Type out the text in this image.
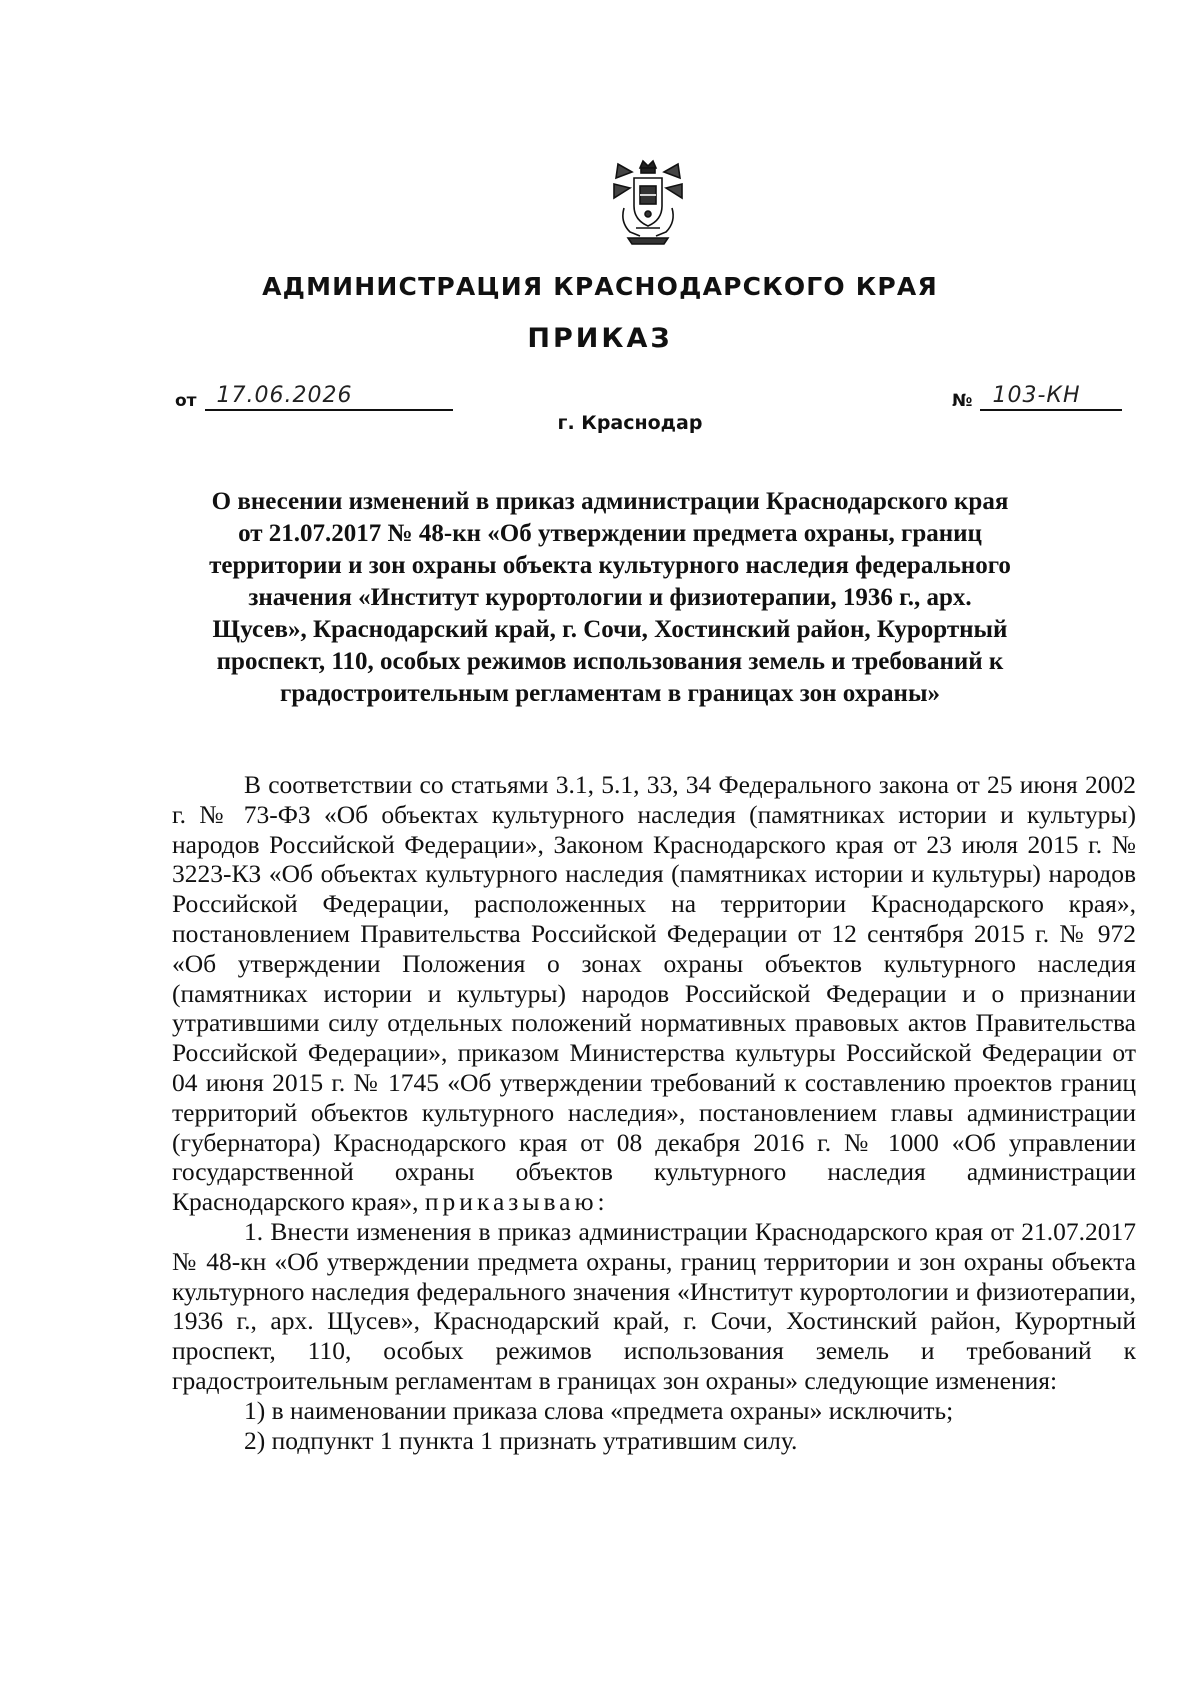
АДМИНИСТРАЦИЯ КРАСНОДАРСКОГО КРАЯ
ПРИКАЗ
от 17.06.2026	№ 103-КН
г. Краснодар
О внесении изменений в приказ администрации Краснодарского края от 21.07.2017 № 48-кн «Об утверждении предмета охраны, границ территории и зон охраны объекта культурного наследия федерального значения «Институт курортологии и физиотерапии, 1936 г., арх. Щусев», Краснодарский край, г. Сочи, Хостинский район, Курортный проспект, 110, особых режимов использования земель и требований к градостроительным регламентам в границах зон охраны»

В соответствии со статьями 3.1, 5.1, 33, 34 Федерального закона от 25 июня 2002 г. № 73-ФЗ «Об объектах культурного наследия (памятниках истории и культуры) народов Российской Федерации», Законом Краснодарского края от 23 июля 2015 г. № 3223-КЗ «Об объектах культурного наследия (памятниках истории и культуры) народов Российской Федерации, расположенных на территории Краснодарского края», постановлением Правительства Российской Федерации от 12 сентября 2015 г. № 972 «Об утверждении Положения о зонах охраны объектов культурного наследия (памятниках истории и культуры) народов Российской Федерации и о признании утратившими силу отдельных положений нормативных правовых актов Правительства Российской Федерации», приказом Министерства культуры Российской Федерации от 04 июня 2015 г. № 1745 «Об утверждении требований к составлению проектов границ территорий объектов культурного наследия», постановлением главы администрации (губернатора) Краснодарского края от 08 декабря 2016 г. № 1000 «Об управлении государственной охраны объектов культурного наследия администрации Краснодарского края», приказываю:

1. Внести изменения в приказ администрации Краснодарского края от 21.07.2017 № 48-кн «Об утверждении предмета охраны, границ территории и зон охраны объекта культурного наследия федерального значения «Институт курортологии и физиотерапии, 1936 г., арх. Щусев», Краснодарский край, г. Сочи, Хостинский район, Курортный проспект, 110, особых режимов использования земель и требований к градостроительным регламентам в границах зон охраны» следующие изменения:

1) в наименовании приказа слова «предмета охраны» исключить;

2) подпункт 1 пункта 1 признать утратившим силу.
